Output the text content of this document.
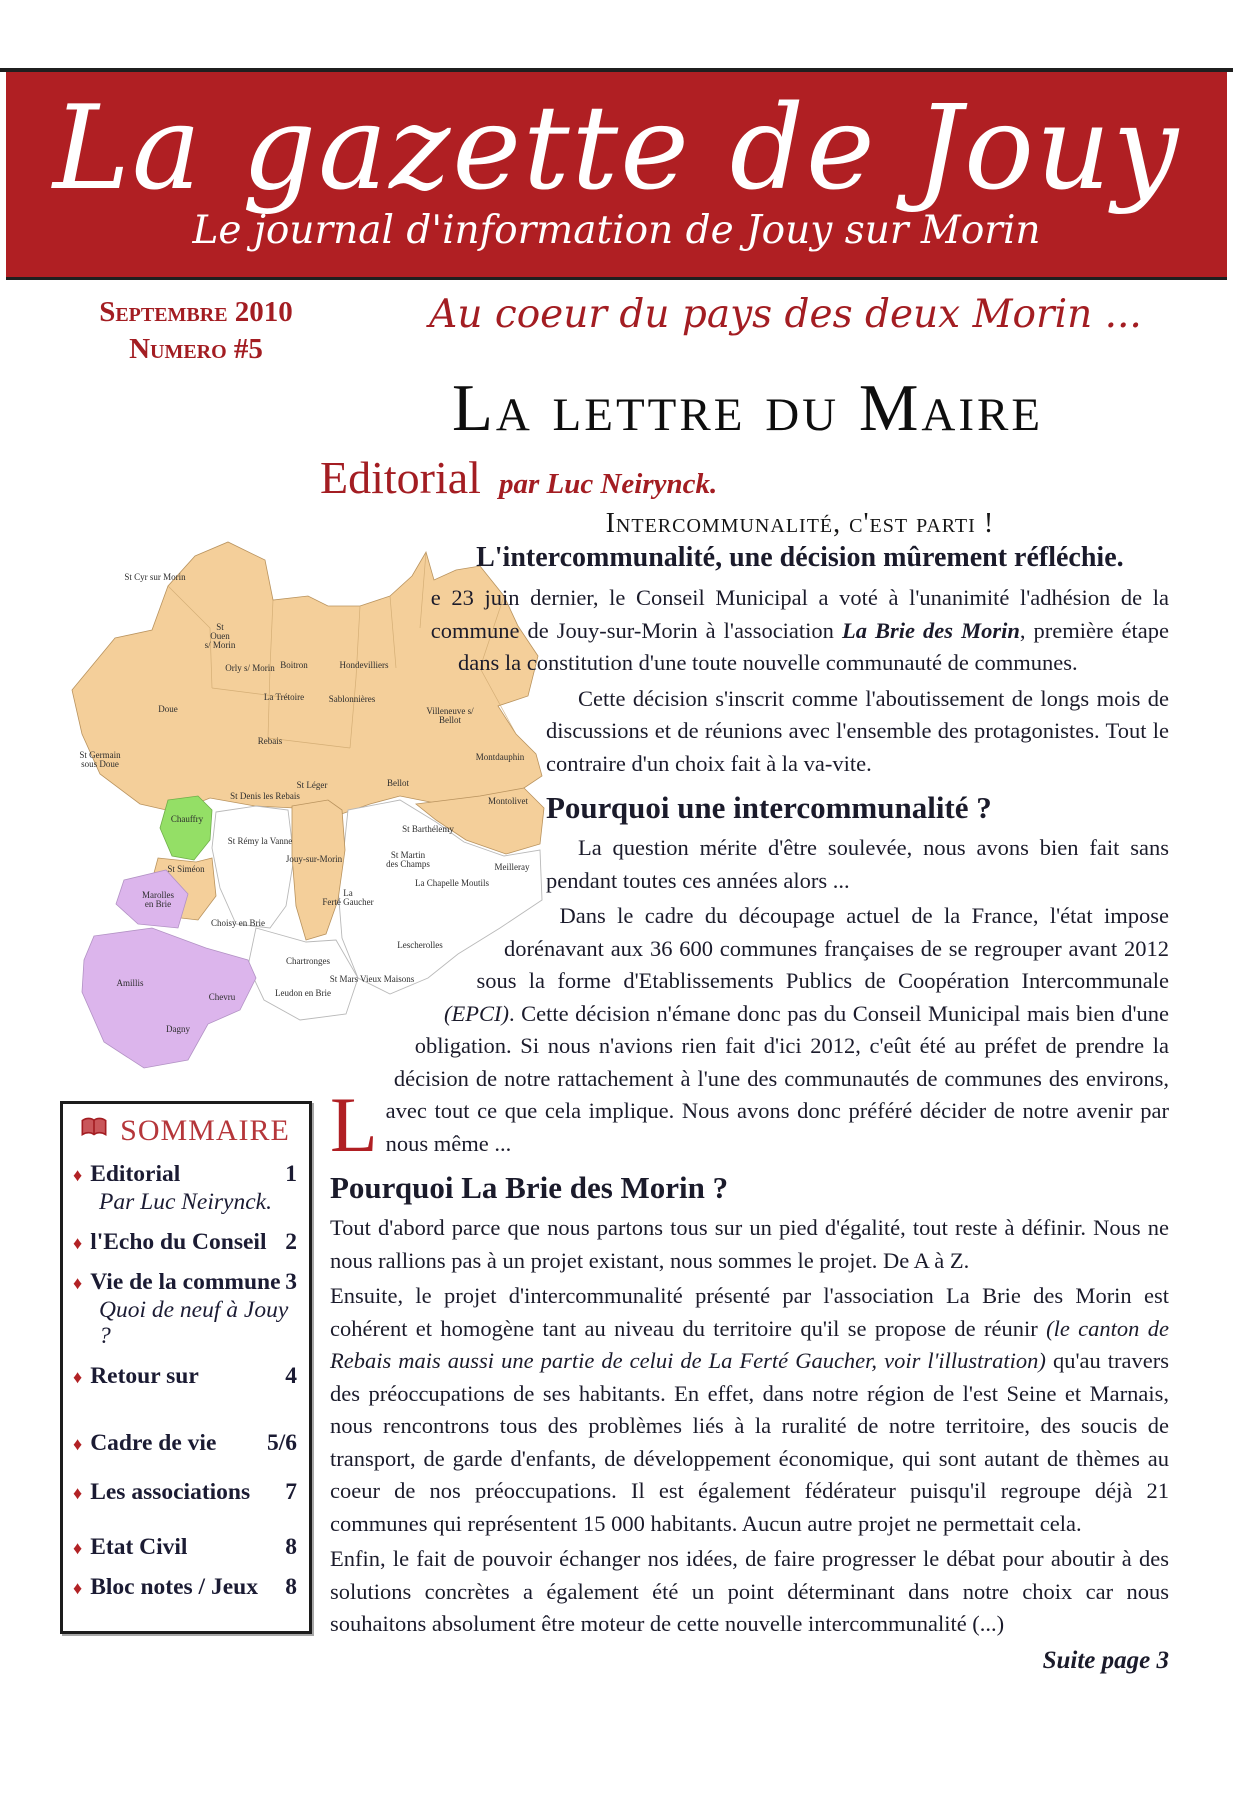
La gazette de Jouy
Le journal d'information de Jouy sur Morin
Septembre 2010
Numero #5
Au coeur du pays des deux Morin ...
La lettre du Maire
Editorial par Luc Neirynck.
St Cyr sur Morin
St Ouen s/ Morin
Orly s/ Morin Boitron	Hondevilliers
La Trétoire	Sablonnières
Doue	Villeneuve s/ Bellot
Rebais
Montdauphin
St Germain sous Doue
St Léger	Bellot
St Denis les Rebais	Montolivet
St Barthélemy
Chauffry
St Rémy la Vanne
Jouy-sur-Morin	St Martin des Champs
St Siméon	Meilleray
La Chapelle Moutils
Marolles en Brie
La Ferté Gaucher
Choisy en Brie
Lescherolles
Chartronges
St Mars Vieux Maisons
Leudon en Brie
Amillis
Chevru
Dagny
SOMMAIRE
♦ Editorial	1
Par Luc Neirynck.
♦ l'Echo du Conseil 2
♦ Vie de la commune 3
Quoi de neuf à Jouy ?
♦ Retour sur	4
♦ Cadre de vie	5/6
♦ Les associations	7
♦ Etat Civil	8
♦ Bloc notes / Jeux	8
Intercommunalité, c'est parti !
L'intercommunalité, une décision mûrement réfléchie.

L
e 23 juin dernier, le Conseil Municipal a voté à l'unanimité l'adhésion de la commune de Jouy-sur-Morin à l'association La Brie des Morin, première étape dans la constitution d'une toute nouvelle communauté de communes.

Cette décision s'inscrit comme l'aboutissement de longs mois de discussions et de réunions avec l'ensemble des protagonistes. Tout le contraire d'un choix fait à la va-vite.

Pourquoi une intercommunalité ?

La question mérite d'être soulevée, nous avons bien fait sans pendant toutes ces années alors ...

Dans le cadre du découpage actuel de la France, l'état impose dorénavant aux 36 600 communes françaises de se regrouper avant 2012 sous la forme d'Etablissements Publics de Coopération Intercommunale (EPCI). Cette décision n'émane donc pas du Conseil Municipal mais bien d'une obligation. Si nous n'avions rien fait d'ici 2012, c'eût été au préfet de prendre la décision de notre rattachement à l'une des communautés de communes des environs, avec tout ce que cela implique. Nous avons donc préféré décider de notre avenir par nous même ...

Pourquoi La Brie des Morin ?

Tout d'abord parce que nous partons tous sur un pied d'égalité, tout reste à définir. Nous ne nous rallions pas à un projet existant, nous sommes le projet. De A à Z.

Ensuite, le projet d'intercommunalité présenté par l'association La Brie des Morin est cohérent et homogène tant au niveau du territoire qu'il se propose de réunir (le canton de Rebais mais aussi une partie de celui de La Ferté Gaucher, voir l'illustration) qu'au travers des préoccupations de ses habitants. En effet, dans notre région de l'est Seine et Marnais, nous rencontrons tous des problèmes liés à la ruralité de notre territoire, des soucis de transport, de garde d'enfants, de développement économique, qui sont autant de thèmes au coeur de nos préoccupations. Il est également fédérateur puisqu'il regroupe déjà 21 communes qui représentent 15 000 habitants. Aucun autre projet ne permettait cela.

Enfin, le fait de pouvoir échanger nos idées, de faire progresser le débat pour aboutir à des solutions concrètes a également été un point déterminant dans notre choix car nous souhaitons absolument être moteur de cette nouvelle intercommunalité (...)

Suite page 3
